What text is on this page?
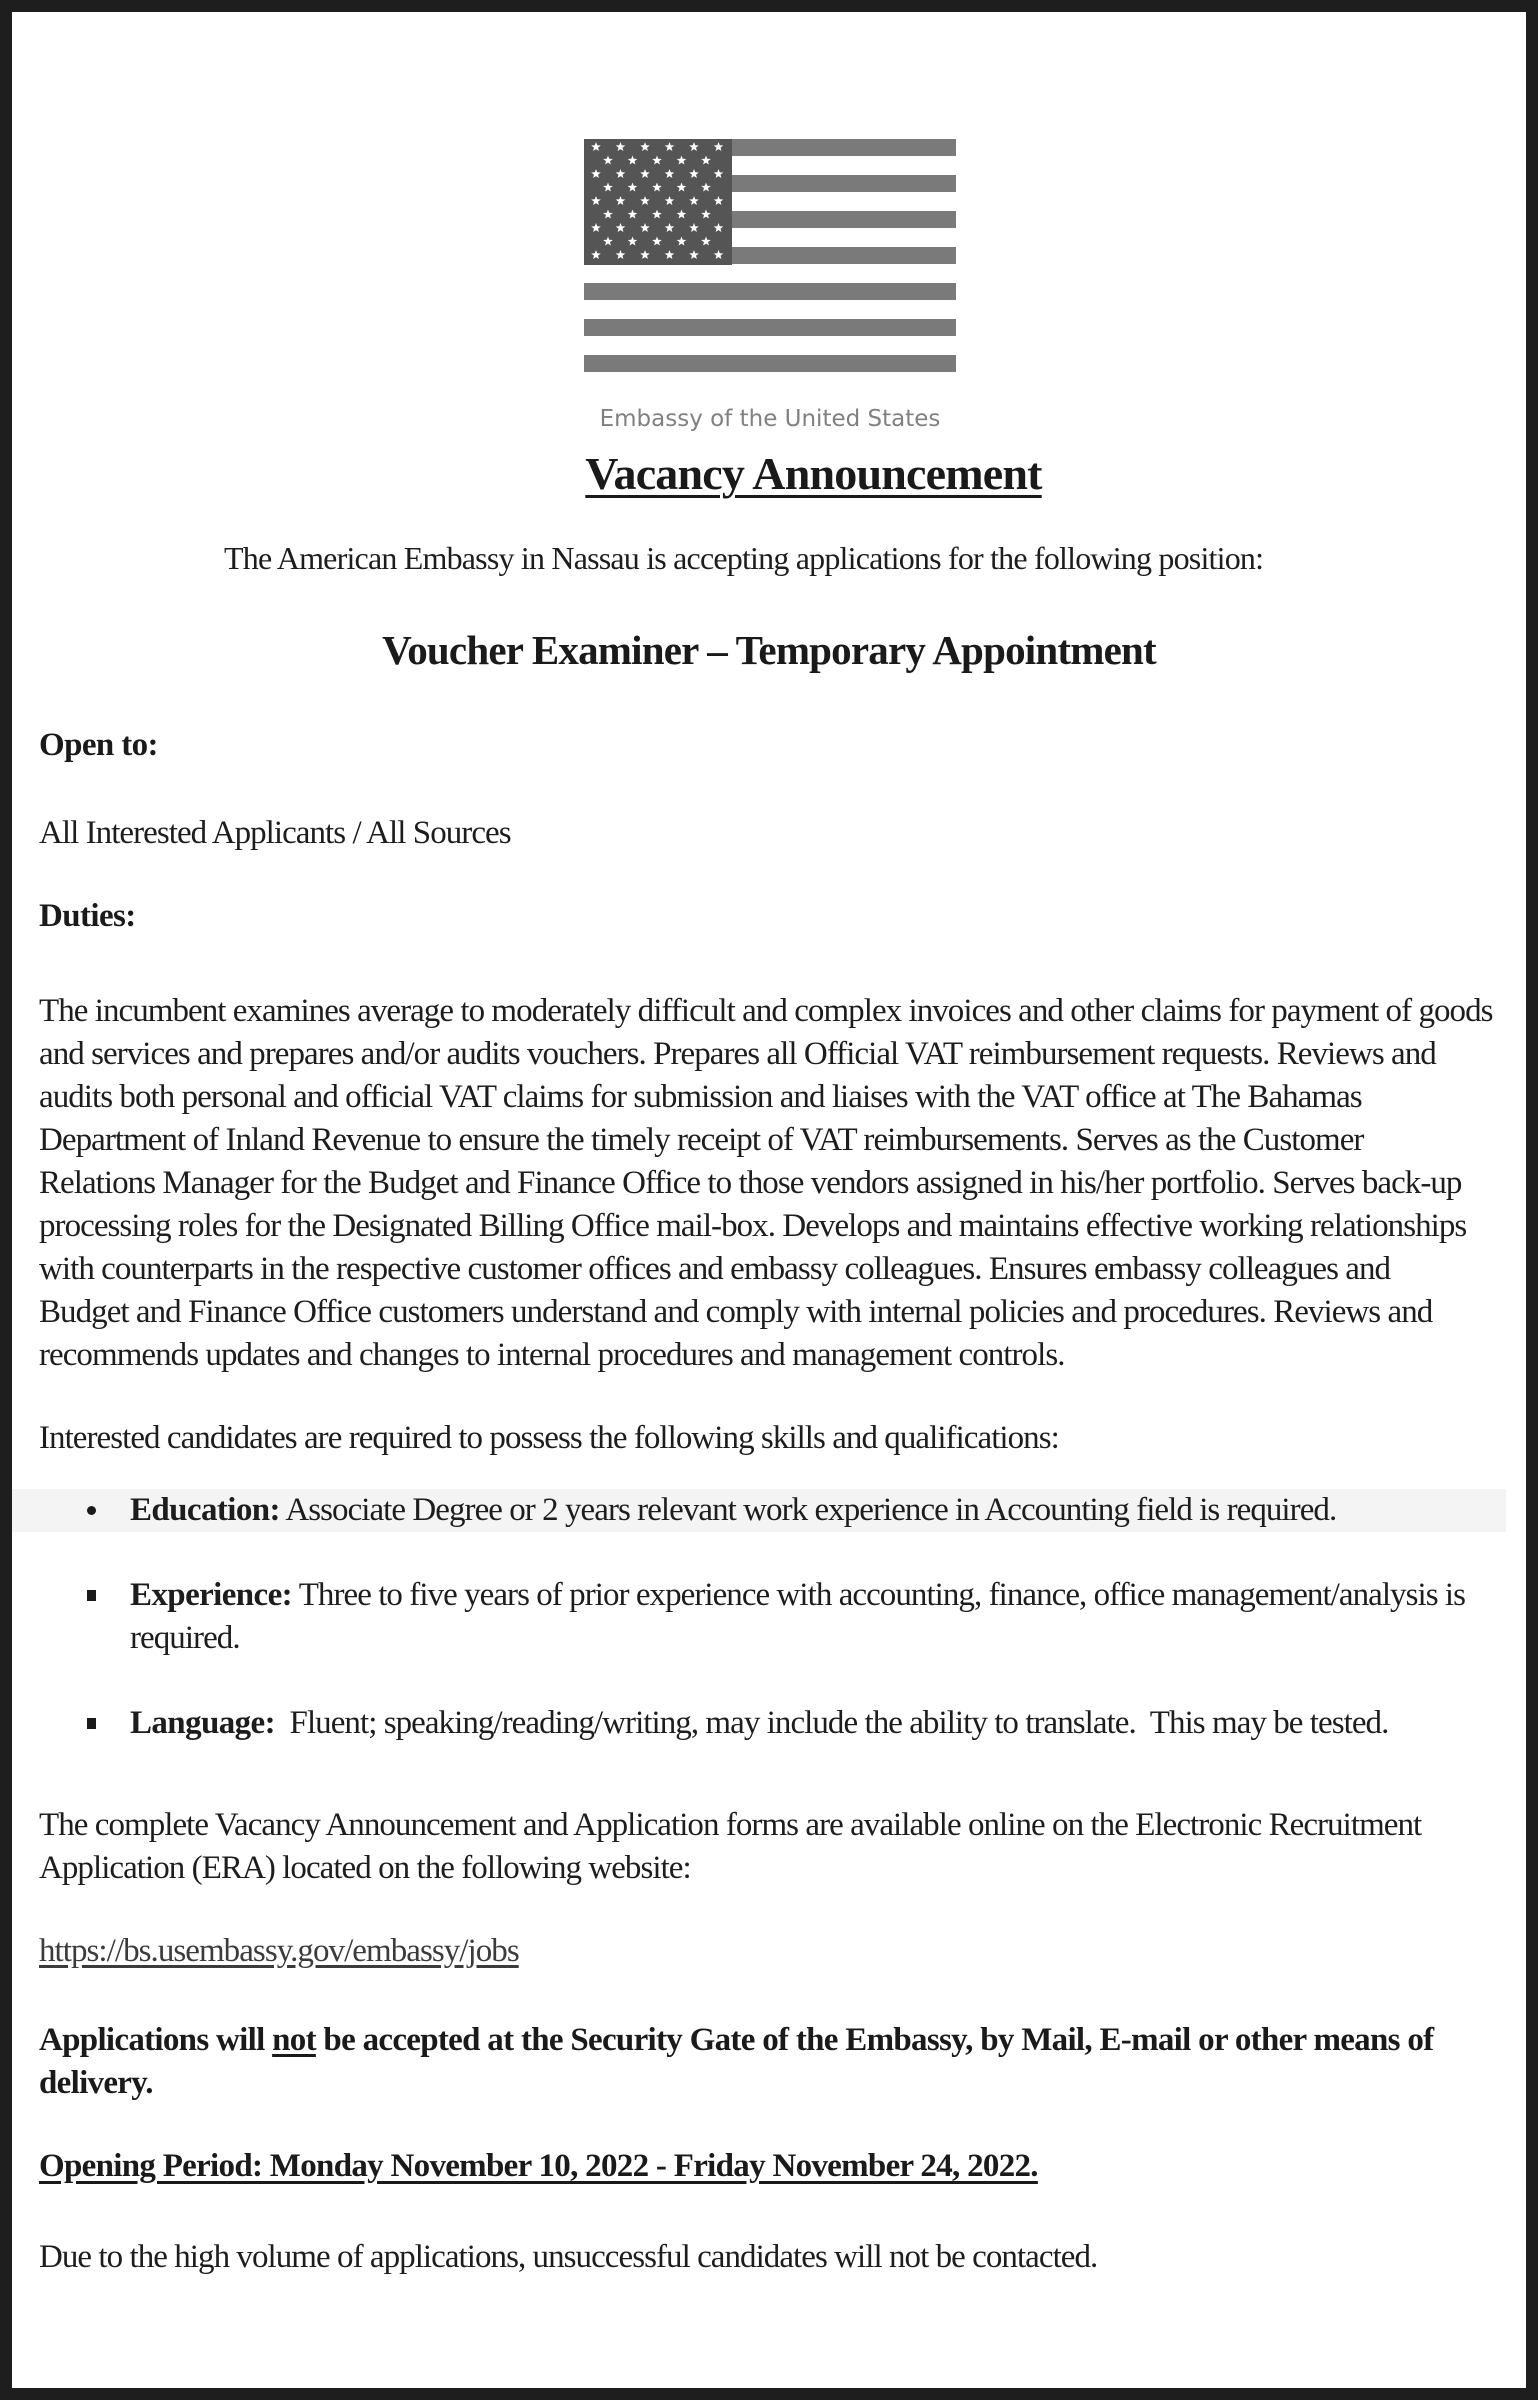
Embassy of the United States
Vacancy Announcement

The American Embassy in Nassau is accepting applications for the following position:

Voucher Examiner – Temporary Appointment
Open to:
All Interested Applicants / All Sources
Duties:
The incumbent examines average to moderately difficult and complex invoices and other claims for payment of goods
and services and prepares and/or audits vouchers. Prepares all Official VAT reimbursement requests. Reviews and
audits both personal and official VAT claims for submission and liaises with the VAT office at The Bahamas
Department of Inland Revenue to ensure the timely receipt of VAT reimbursements. Serves as the Customer
Relations Manager for the Budget and Finance Office to those vendors assigned in his/her portfolio. Serves back-up
processing roles for the Designated Billing Office mail-box. Develops and maintains effective working relationships
with counterparts in the respective customer offices and embassy colleagues. Ensures embassy colleagues and
Budget and Finance Office customers understand and comply with internal policies and procedures. Reviews and
recommends updates and changes to internal procedures and management controls.
Interested candidates are required to possess the following skills and qualifications:
Education: Associate Degree or 2 years relevant work experience in Accounting field is required.
Experience: Three to five years of prior experience with accounting, finance, office management/analysis is required.
Language:  Fluent; speaking/reading/writing, may include the ability to translate.  This may be tested.
The complete Vacancy Announcement and Application forms are available online on the Electronic Recruitment Application (ERA) located on the following website:
https://bs.usembassy.gov/embassy/jobs
Applications will not be accepted at the Security Gate of the Embassy, by Mail, E-mail or other means of delivery.
Opening Period: Monday November 10, 2022 - Friday November 24, 2022.
Due to the high volume of applications, unsuccessful candidates will not be contacted.
